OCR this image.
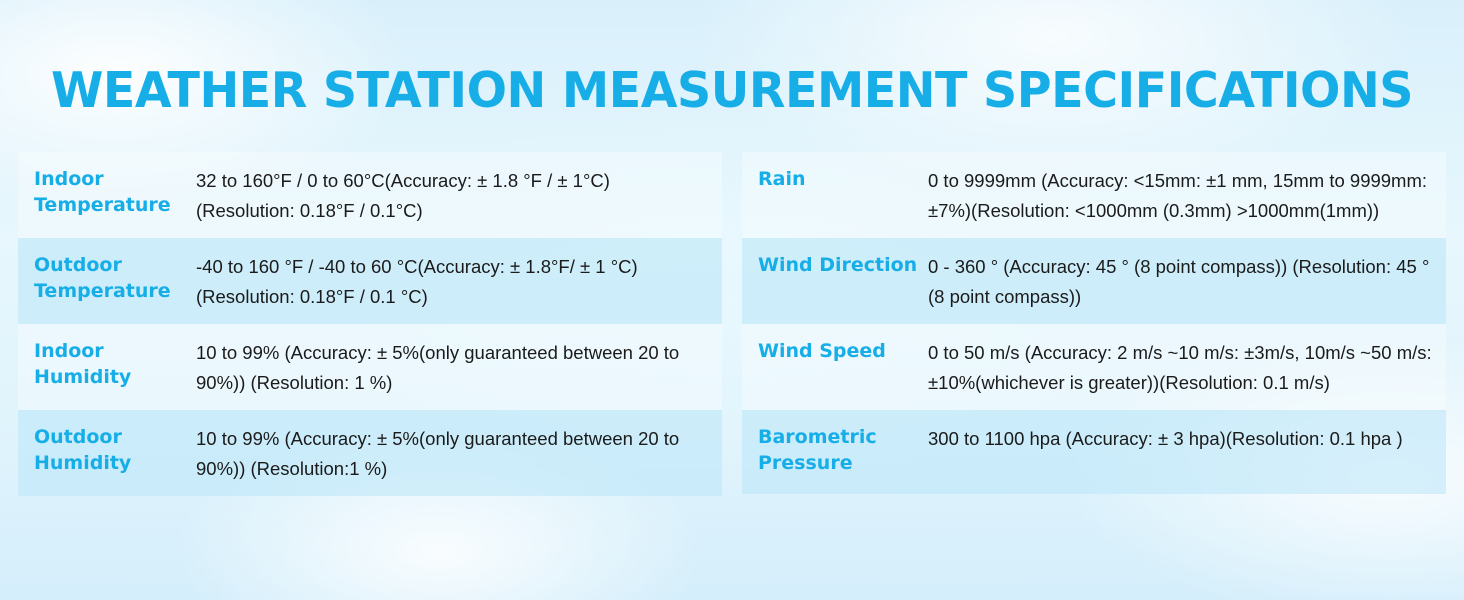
WEATHER STATION MEASUREMENT SPECIFICATIONS
Indoor Temperature
32 to 160°F / 0 to 60°C(Accuracy: ± 1.8 °F / ± 1°C) (Resolution: 0.18°F / 0.1°C)
Outdoor Temperature
-40 to 160 °F / -40 to 60 °C(Accuracy: ± 1.8°F/ ± 1 °C)(Resolution: 0.18°F / 0.1 °C)
Indoor Humidity
10 to 99% (Accuracy: ± 5%(only guaranteed between 20 to 90%)) (Resolution: 1 %)
Outdoor Humidity
10 to 99% (Accuracy: ± 5%(only guaranteed between 20 to 90%)) (Resolution:1 %)
Rain	0 to 9999mm (Accuracy: <15mm: ±1 mm, 15mm to 9999mm:±7%)(Resolution: <1000mm (0.3mm) >1000mm(1mm))
Wind Direction 0 - 360 ° (Accuracy: 45 ° (8 point compass)) (Resolution: 45 ° (8 point compass))
Wind Speed	0 to 50 m/s (Accuracy: 2 m/s ~10 m/s: ±3m/s, 10m/s ~50 m/s: ±10%(whichever is greater))(Resolution: 0.1 m/s)
Barometric Pressure
300 to 1100 hpa (Accuracy: ± 3 hpa)(Resolution: 0.1 hpa )
